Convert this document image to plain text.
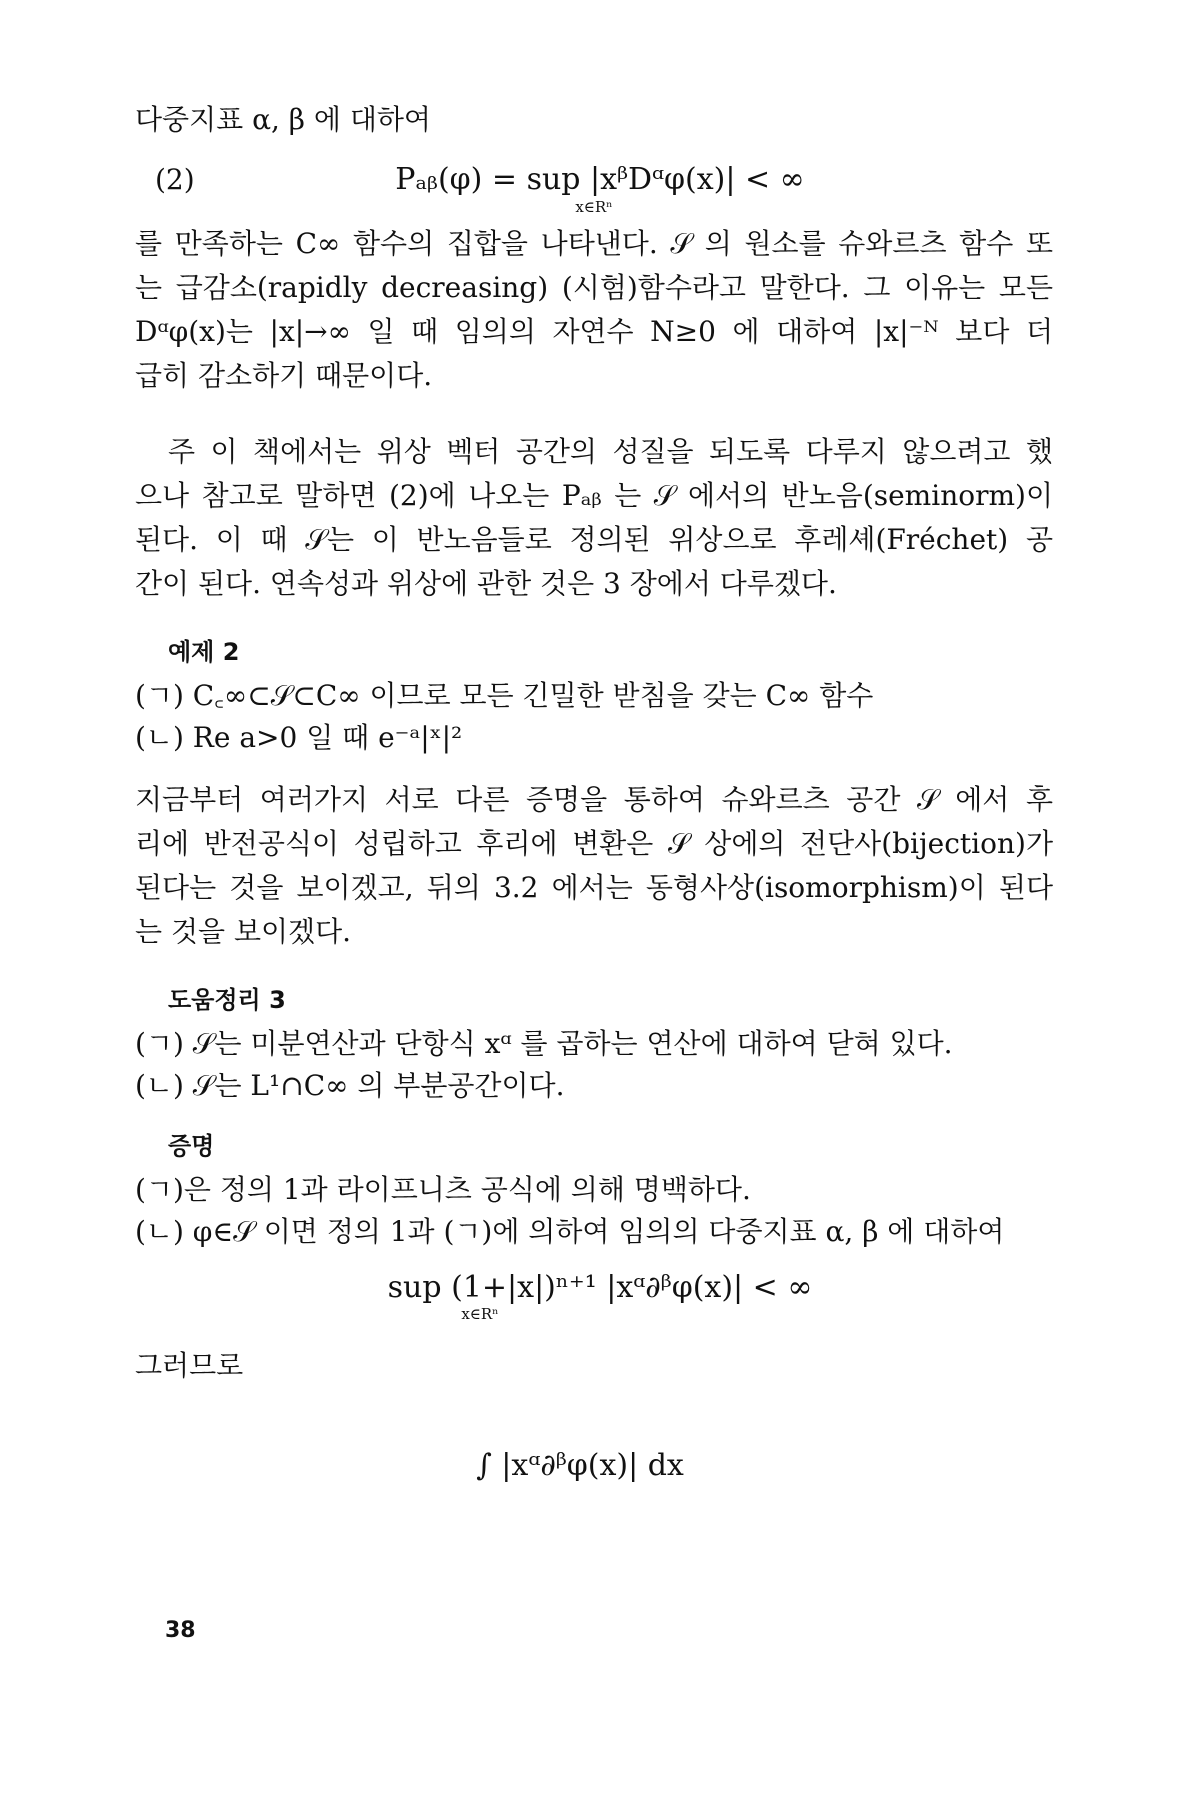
다중지표 α, β 에 대하여
(2)	Pₐᵦ(φ) = sup |xᵝDᵅφ(x)| < ∞
x∈Rⁿ
를 만족하는 C∞ 함수의 집합을 나타낸다. 𝒮 의 원소를 슈와르츠 함수 또
는 급감소(rapidly decreasing) (시험)함수라고 말한다. 그 이유는 모든
Dᵅφ(x)는 |x|→∞ 일 때 임의의 자연수 N≥0 에 대하여 |x|⁻ᴺ 보다 더
급히 감소하기 때문이다.
주 이 책에서는 위상 벡터 공간의 성질을 되도록 다루지 않으려고 했
으나 참고로 말하면 (2)에 나오는 Pₐᵦ 는 𝒮 에서의 반노음(seminorm)이
된다. 이 때 𝒮는 이 반노음들로 정의된 위상으로 후레셰(Fréchet) 공
간이 된다. 연속성과 위상에 관한 것은 3 장에서 다루겠다.
예제 2
(ㄱ) C꜀∞⊂𝒮⊂C∞ 이므로 모든 긴밀한 받침을 갖는 C∞ 함수
(ㄴ) Re a>0 일 때 e⁻ᵃ|ˣ|²
지금부터 여러가지 서로 다른 증명을 통하여 슈와르츠 공간 𝒮 에서 후
리에 반전공식이 성립하고 후리에 변환은 𝒮 상에의 전단사(bijection)가
된다는 것을 보이겠고, 뒤의 3.2 에서는 동형사상(isomorphism)이 된다
는 것을 보이겠다.
도움정리 3
(ㄱ) 𝒮는 미분연산과 단항식 xᵅ 를 곱하는 연산에 대하여 닫혀 있다.
(ㄴ) 𝒮는 L¹∩C∞ 의 부분공간이다.
증명
(ㄱ)은 정의 1과 라이프니츠 공식에 의해 명백하다.
(ㄴ) φ∈𝒮 이면 정의 1과 (ㄱ)에 의하여 임의의 다중지표 α, β 에 대하여
sup (1+|x|)ⁿ⁺¹ |xᵅ∂ᵝφ(x)| < ∞
x∈Rⁿ
그러므로
∫ |xᵅ∂ᵝφ(x)| dx
38
